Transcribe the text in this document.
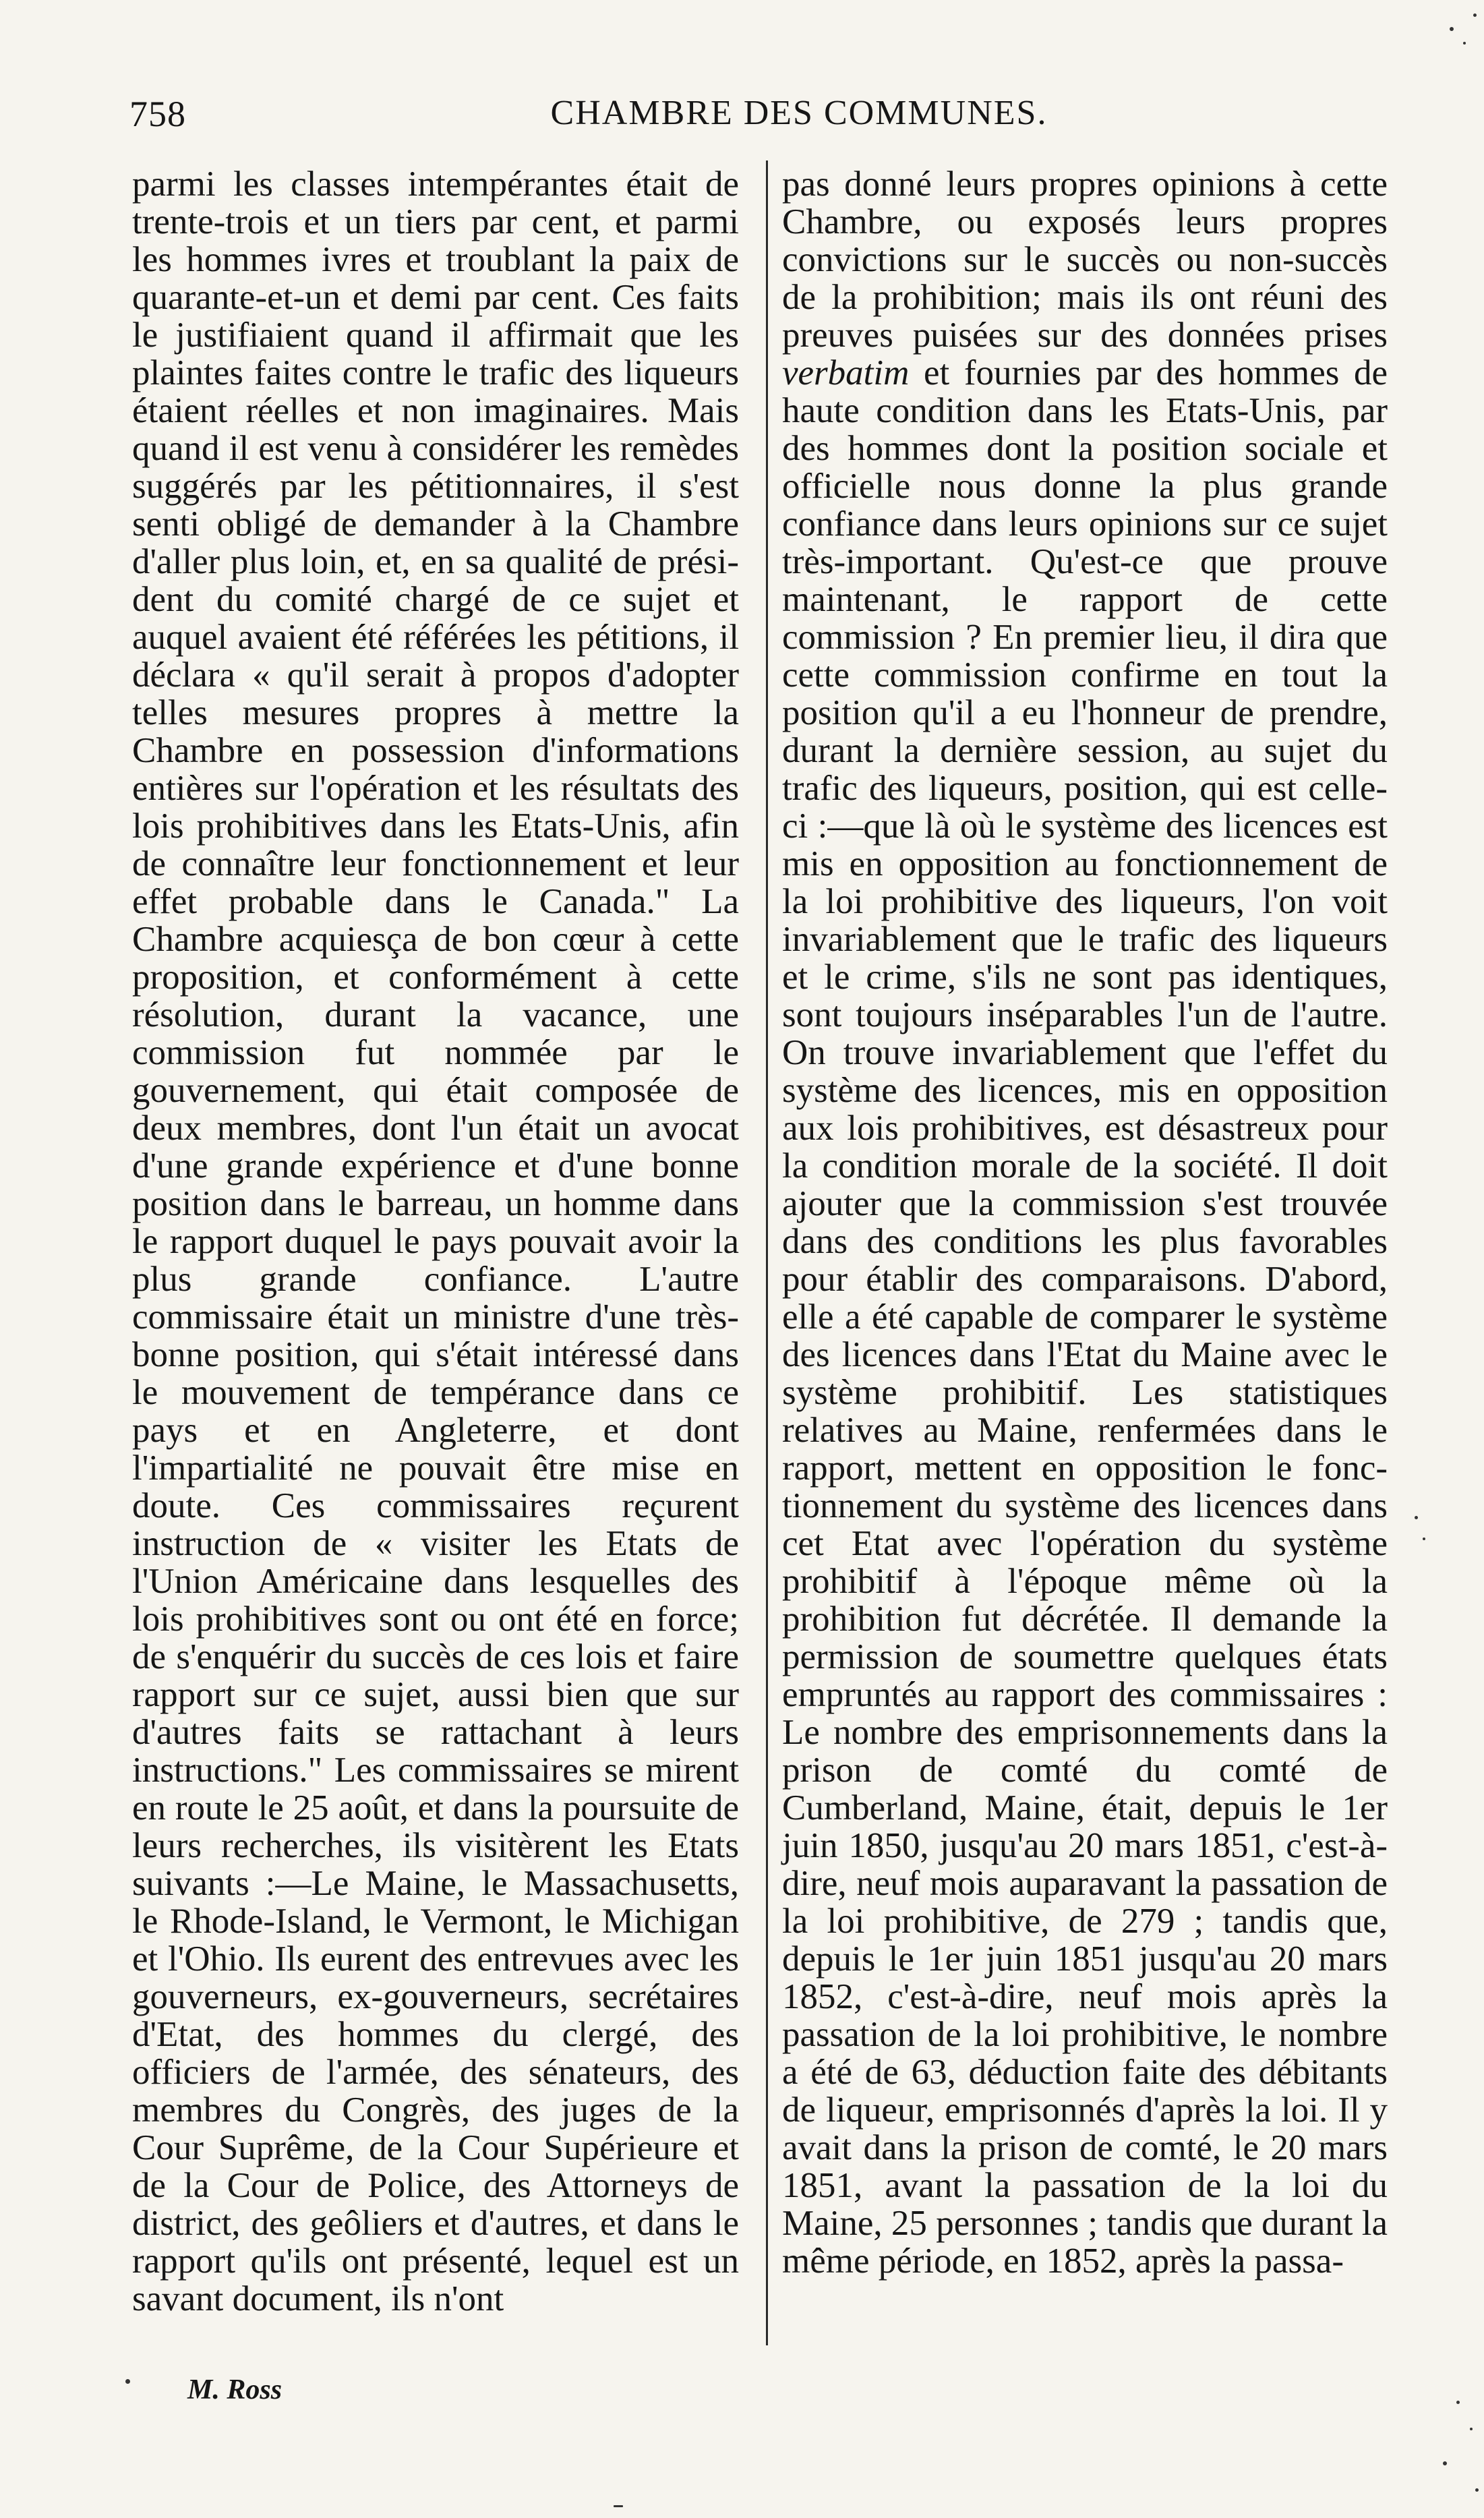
758	CHAMBRE DES COMMUNES.

parmi les classes intempérantes était de trente-trois et un tiers par cent, et parmi les hommes ivres et troublant la paix de quarante-et-un et demi par cent. Ces faits le justifiaient quand il affirmait que les plaintes faites contre le trafic des liqueurs étaient réelles et non imaginaires. Mais quand il est venu à considérer les remèdes suggérés par les pétitionnaires, il s'est senti obligé de demander à la Chambre d'aller plus loin, et, en sa qualité de président du comité chargé de ce sujet et auquel avaient été référées les pétitions, il déclara « qu'il serait à propos d'adopter telles mesures propres à mettre la Chambre en possession d'informations entières sur l'opération et les résultats des lois prohibitives dans les Etats-Unis, afin de connaître leur fonctionnement et leur effet probable dans le Canada." La Chambre acquiesça de bon cœur à cette proposition, et conformément à cette résolution, durant la vacance, une commission fut nommée par le gouvernement, qui était composée de deux membres, dont l'un était un avocat d'une grande expérience et d'une bonne position dans le barreau, un homme dans le rapport duquel le pays pouvait avoir la plus grande confiance. L'autre commissaire était un ministre d'une très-bonne position, qui s'était intéressé dans le mouvement de tempérance dans ce pays et en Angleterre, et dont l'impartialité ne pouvait être mise en doute. Ces commissaires reçurent instruction de « visiter les Etats de l'Union Américaine dans lesquelles des lois prohibitives sont ou ont été en force; de s'enquérir du succès de ces lois et faire rapport sur ce sujet, aussi bien que sur d'autres faits se rattachant à leurs instructions." Les commissaires se mirent en route le 25 août, et dans la poursuite de leurs recherches, ils visitèrent les Etats suivants :—Le Maine, le Massachusetts, le Rhode-Island, le Vermont, le Michigan et l'Ohio. Ils eurent des entrevues avec les gouverneurs, ex-gouverneurs, secrétaires d'Etat, des hommes du clergé, des officiers de l'armée, des sénateurs, des membres du Congrès, des juges de la Cour Suprême, de la Cour Supérieure et de la Cour de Police, des Attorneys de district, des geôliers et d'autres, et dans le rapport qu'ils ont présenté, lequel est un savant document, ils n'ont

pas donné leurs propres opinions à cette Chambre, ou exposés leurs propres convictions sur le succès ou non-succès de la prohibition; mais ils ont réuni des preuves puisées sur des données prises verbatim et fournies par des hommes de haute condition dans les Etats-Unis, par des hommes dont la position sociale et officielle nous donne la plus grande confiance dans leurs opinions sur ce sujet très-important. Qu'est-ce que prouve maintenant, le rapport de cette commission ? En premier lieu, il dira que cette commission confirme en tout la position qu'il a eu l'honneur de prendre, durant la dernière session, au sujet du trafic des liqueurs, position, qui est celle-ci :—que là où le système des licences est mis en opposition au fonctionnement de la loi prohibitive des liqueurs, l'on voit invariablement que le trafic des liqueurs et le crime, s'ils ne sont pas identiques, sont toujours inséparables l'un de l'autre. On trouve invariablement que l'effet du système des licences, mis en opposition aux lois prohibitives, est désastreux pour la condition morale de la société. Il doit ajouter que la commission s'est trouvée dans des conditions les plus favorables pour établir des comparaisons. D'abord, elle a été capable de comparer le système des licences dans l'Etat du Maine avec le système prohibitif. Les statistiques relatives au Maine, renfermées dans le rapport, mettent en opposition le fonctionnement du système des licences dans cet Etat avec l'opération du système prohibitif à l'époque même où la prohibition fut décrétée. Il demande la permission de soumettre quelques états empruntés au rapport des commissaires : Le nombre des emprisonnements dans la prison de comté du comté de Cumberland, Maine, était, depuis le 1er juin 1850, jusqu'au 20 mars 1851, c'est-à-dire, neuf mois auparavant la passation de la loi prohibitive, de 279 ; tandis que, depuis le 1er juin 1851 jusqu'au 20 mars 1852, c'est-à-dire, neuf mois après la passation de la loi prohibitive, le nombre a été de 63, déduction faite des débitants de liqueur, emprisonnés d'après la loi. Il y avait dans la prison de comté, le 20 mars 1851, avant la passation de la loi du Maine, 25 personnes ; tandis que durant la même période, en 1852, après la passa-

M. Ross
